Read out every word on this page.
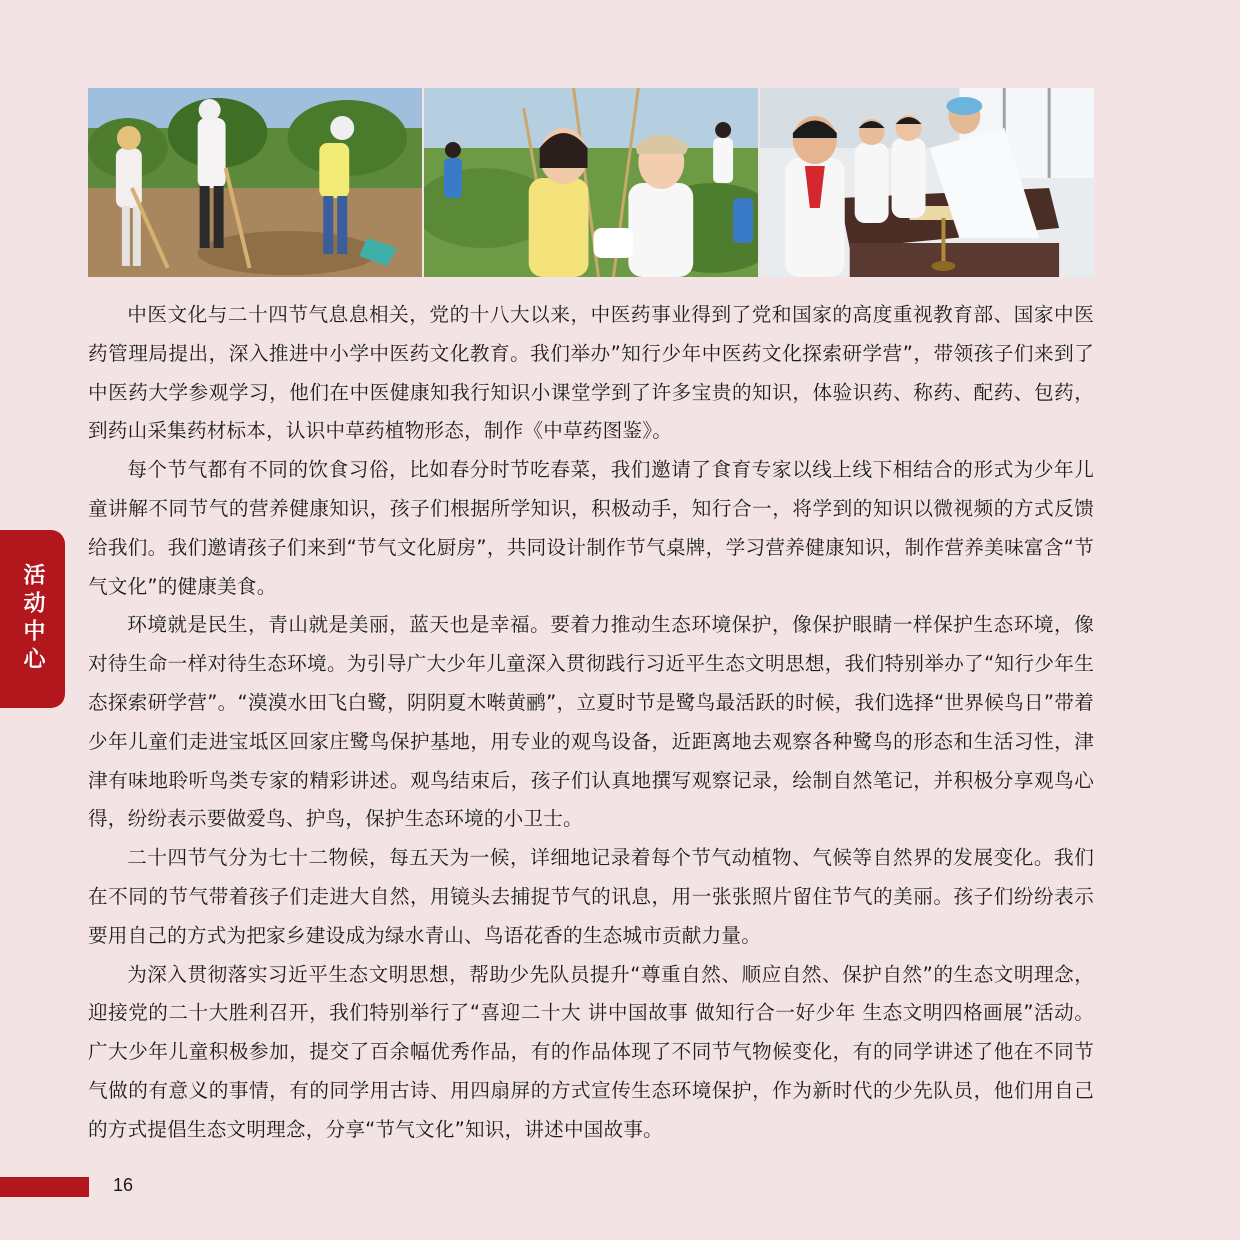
中医文化与二十四节气息息相关，党的十八大以来，中医药事业得到了党和国家的高度重视教育部、国家中医药管理局提出，深入推进中小学中医药文化教育。我们举办”知行少年中医药文化探索研学营”，带领孩子们来到了中医药大学参观学习，他们在中医健康知我行知识小课堂学到了许多宝贵的知识，体验识药、称药、配药、包药，到药山采集药材标本，认识中草药植物形态，制作《中草药图鉴》。

每个节气都有不同的饮食习俗，比如春分时节吃春菜，我们邀请了食育专家以线上线下相结合的形式为少年儿童讲解不同节气的营养健康知识，孩子们根据所学知识，积极动手，知行合一，将学到的知识以微视频的方式反馈给我们。我们邀请孩子们来到“节气文化厨房”，共同设计制作节气桌牌，学习营养健康知识，制作营养美味富含“节气文化”的健康美食。

环境就是民生，青山就是美丽，蓝天也是幸福。要着力推动生态环境保护，像保护眼睛一样保护生态环境，像对待生命一样对待生态环境。为引导广大少年儿童深入贯彻践行习近平生态文明思想，我们特别举办了“知行少年生态探索研学营”。“漠漠水田飞白鹭，阴阴夏木啭黄鹂”，立夏时节是鹭鸟最活跃的时候，我们选择“世界候鸟日”带着少年儿童们走进宝坻区回家庄鹭鸟保护基地，用专业的观鸟设备，近距离地去观察各种鹭鸟的形态和生活习性，津津有味地聆听鸟类专家的精彩讲述。观鸟结束后，孩子们认真地撰写观察记录，绘制自然笔记，并积极分享观鸟心得，纷纷表示要做爱鸟、护鸟，保护生态环境的小卫士。

二十四节气分为七十二物候，每五天为一候，详细地记录着每个节气动植物、气候等自然界的发展变化。我们在不同的节气带着孩子们走进大自然，用镜头去捕捉节气的讯息，用一张张照片留住节气的美丽。孩子们纷纷表示要用自己的方式为把家乡建设成为绿水青山、鸟语花香的生态城市贡献力量。

为深入贯彻落实习近平生态文明思想，帮助少先队员提升“尊重自然、顺应自然、保护自然”的生态文明理念，迎接党的二十大胜利召开，我们特别举行了“喜迎二十大 讲中国故事 做知行合一好少年 生态文明四格画展”活动。广大少年儿童积极参加，提交了百余幅优秀作品，有的作品体现了不同节气物候变化，有的同学讲述了他在不同节气做的有意义的事情，有的同学用古诗、用四扇屏的方式宣传生态环境保护，作为新时代的少先队员，他们用自己的方式提倡生态文明理念，分享“节气文化”知识，讲述中国故事。

活动中心
16
